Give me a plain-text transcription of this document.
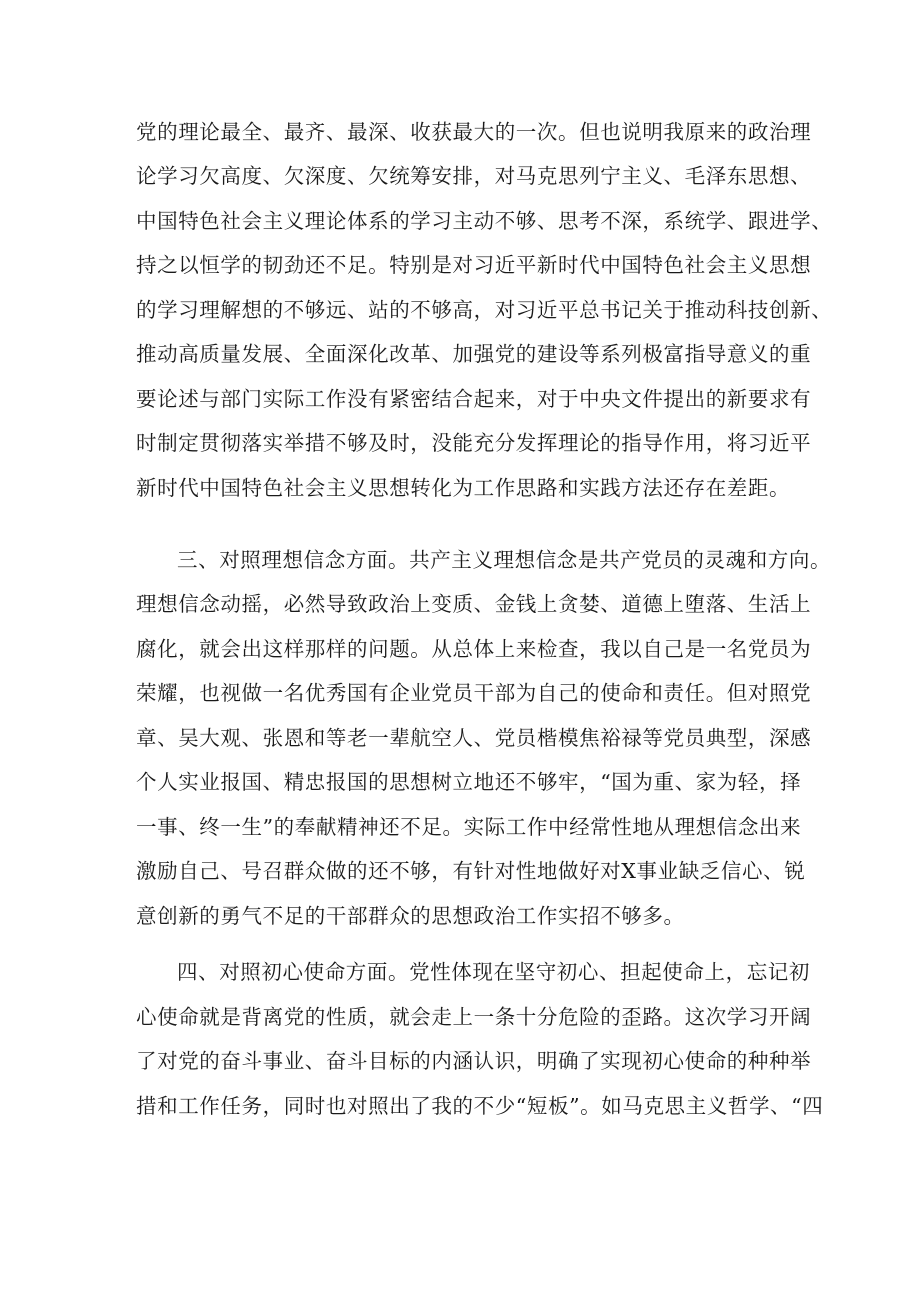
党的理论最全、最齐、最深、收获最大的一次。但也说明我原来的政治理
论学习欠高度、欠深度、欠统筹安排，对马克思列宁主义、毛泽东思想、
中国特色社会主义理论体系的学习主动不够、思考不深，系统学、跟进学、
持之以恒学的韧劲还不足。特别是对习近平新时代中国特色社会主义思想
的学习理解想的不够远、站的不够高，对习近平总书记关于推动科技创新、
推动高质量发展、全面深化改革、加强党的建设等系列极富指导意义的重
要论述与部门实际工作没有紧密结合起来，对于中央文件提出的新要求有
时制定贯彻落实举措不够及时，没能充分发挥理论的指导作用，将习近平
新时代中国特色社会主义思想转化为工作思路和实践方法还存在差距。
三、对照理想信念方面。共产主义理想信念是共产党员的灵魂和方向。
理想信念动摇，必然导致政治上变质、金钱上贪婪、道德上堕落、生活上
腐化，就会出这样那样的问题。从总体上来检查，我以自己是一名党员为
荣耀，也视做一名优秀国有企业党员干部为自己的使命和责任。但对照党
章、吴大观、张恩和等老一辈航空人、党员楷模焦裕禄等党员典型，深感
个人实业报国、精忠报国的思想树立地还不够牢，“国为重、家为轻，择
一事、终一生”的奉献精神还不足。实际工作中经常性地从理想信念出来
激励自己、号召群众做的还不够，有针对性地做好对X事业缺乏信心、锐
意创新的勇气不足的干部群众的思想政治工作实招不够多。
四、对照初心使命方面。党性体现在坚守初心、担起使命上，忘记初
心使命就是背离党的性质，就会走上一条十分危险的歪路。这次学习开阔
了对党的奋斗事业、奋斗目标的内涵认识，明确了实现初心使命的种种举
措和工作任务，同时也对照出了我的不少“短板”。如马克思主义哲学、“四
